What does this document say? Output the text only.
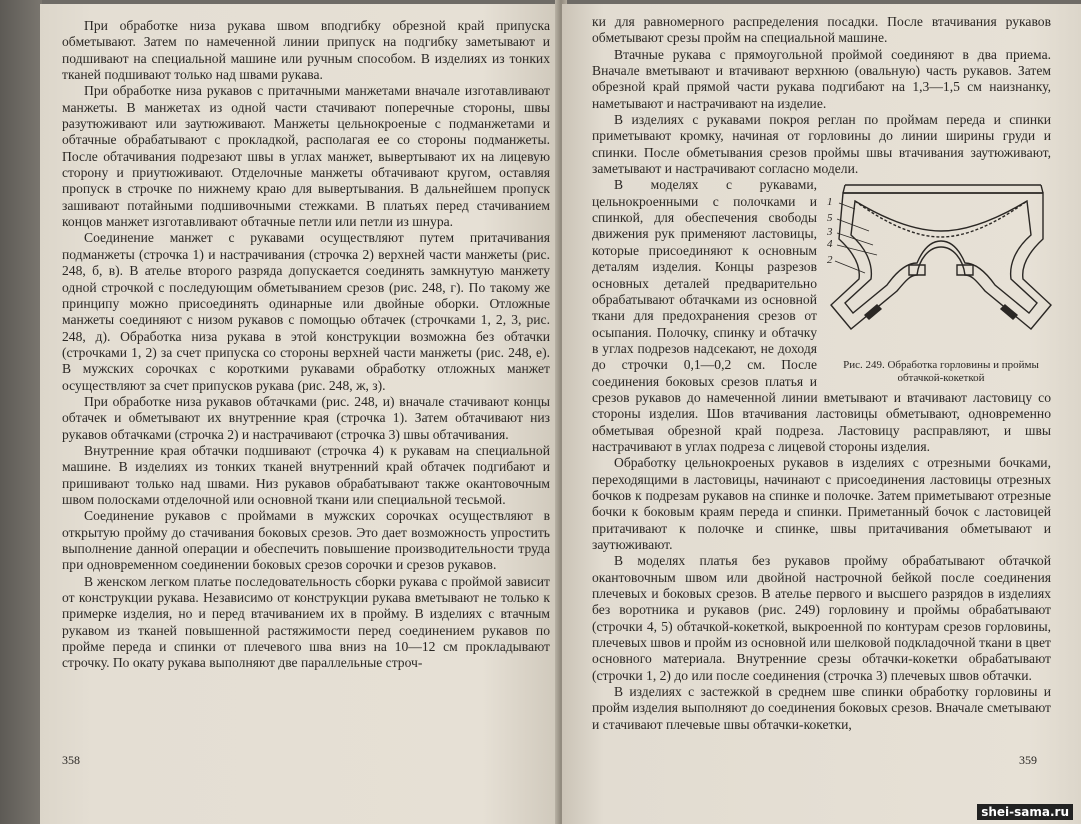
При обработке низа рукава швом вподгибку обрезной край припуска обметывают. Затем по намеченной линии припуск на подгибку заметывают и подшивают на специальной машине или ручным способом. В изделиях из тонких тканей подшивают только над швами рукава.

При обработке низа рукавов с притачными манжетами вначале изготавливают манжеты. В манжетах из одной части стачивают поперечные стороны, швы разутюживают или заутюживают. Манжеты цельнокроеные с подманжетами и обтачные обрабатывают с прокладкой, располагая ее со стороны подманжеты. После обтачивания подрезают швы в углах манжет, вывертывают их на лицевую сторону и приутюживают. Отделочные манжеты обтачивают кругом, оставляя пропуск в строчке по нижнему краю для вывертывания. В дальнейшем пропуск зашивают потайными подшивочными стежками. В платьях перед стачиванием концов манжет изготавливают обтачные петли или петли из шнура.

Соединение манжет с рукавами осуществляют путем притачивания подманжеты (строчка 1) и настрачивания (строчка 2) верхней части манжеты (рис. 248, б, в). В ателье второго разряда допускается соединять замкнутую манжету одной строчкой с последующим обметыванием срезов (рис. 248, г). По такому же принципу можно присоединять одинарные или двойные оборки. Отложные манжеты соединяют с низом рукавов с помощью обтачек (строчками 1, 2, 3, рис. 248, д). Обработка низа рукава в этой конструкции возможна без обтачки (строчками 1, 2) за счет припуска со стороны верхней части манжеты (рис. 248, е). В мужских сорочках с короткими рукавами обработку отложных манжет осуществляют за счет припусков рукава (рис. 248, ж, з).

При обработке низа рукавов обтачками (рис. 248, и) вначале стачивают концы обтачек и обметывают их внутренние края (строчка 1). Затем обтачивают низ рукавов обтачками (строчка 2) и настрачивают (строчка 3) швы обтачивания.

Внутренние края обтачки подшивают (строчка 4) к рукавам на специальной машине. В изделиях из тонких тканей внутренний край обтачек подгибают и пришивают только над швами. Низ рукавов обрабатывают также окантовочным швом полосками отделочной или основной ткани или специальной тесьмой.

Соединение рукавов с проймами в мужских сорочках осуществляют в открытую пройму до стачивания боковых срезов. Это дает возможность упростить выполнение данной операции и обеспечить повышение производительности труда при одновременном соединении боковых срезов сорочки и срезов рукавов.

В женском легком платье последовательность сборки рукава с проймой зависит от конструкции рукава. Независимо от конструкции рукава вметывают не только к примерке изделия, но и перед втачиванием их в пройму. В изделиях с втачным рукавом из тканей повышенной растяжимости перед соединением рукавов по пройме переда и спинки от плечевого шва вниз на 10—12 см прокладывают строчку. По окату рукава выполняют две параллельные строч-

358

ки для равномерного распределения посадки. После втачивания рукавов обметывают срезы пройм на специальной машине.

Втачные рукава с прямоугольной проймой соединяют в два приема. Вначале вметывают и втачивают верхнюю (овальную) часть рукавов. Затем обрезной край прямой части рукава подгибают на 1,3—1,5 см наизнанку, наметывают и настрачивают на изделие.

В изделиях с рукавами покроя реглан по проймам переда и спинки приметывают кромку, начиная от горловины до линии ширины груди и спинки. После обметывания срезов проймы швы втачивания заутюживают, заметывают и настрачивают согласно модели.

1
5
3
4
2
Рис. 249. Обработка горловины и проймы обтачкой-кокеткой

В моделях с рукавами, цельнокроенными с полочками и спинкой, для обеспечения свободы движения рук применяют ластовицы, которые присоединяют к основным деталям изделия. Концы разрезов основных деталей предварительно обрабатывают обтачками из основной ткани для предохранения срезов от осыпания. Полочку, спинку и обтачку в углах подрезов надсекают, не доходя до строчки 0,1—0,2 см. После соединения боковых срезов платья и срезов рукавов до намеченной линии вметывают и втачивают ластовицу со стороны изделия. Шов втачивания ластовицы обметывают, одновременно обметывая обрезной край подреза. Ластовицу расправляют, и швы настрачивают в углах подреза с лицевой стороны изделия.

Обработку цельнокроеных рукавов в изделиях с отрезными бочками, переходящими в ластовицы, начинают с присоединения ластовицы отрезных бочков к подрезам рукавов на спинке и полочке. Затем приметывают отрезные бочки к боковым краям переда и спинки. Приметанный бочок с ластовицей притачивают к полочке и спинке, швы притачивания обметывают и заутюживают.

В моделях платья без рукавов пройму обрабатывают обтачкой окантовочным швом или двойной настрочной бейкой после соединения плечевых и боковых срезов. В ателье первого и высшего разрядов в изделиях без воротника и рукавов (рис. 249) горловину и проймы обрабатывают (строчки 4, 5) обтачкой-кокеткой, выкроенной по контурам срезов горловины, плечевых швов и пройм из основной или шелковой подкладочной ткани в цвет основного материала. Внутренние срезы обтачки-кокетки обрабатывают (строчки 1, 2) до или после соединения (строчка 3) плечевых швов обтачки.

В изделиях с застежкой в среднем шве спинки обработку горловины и пройм изделия выполняют до соединения боковых срезов. Вначале сметывают и стачивают плечевые швы обтачки-кокетки,

359
shei-sama.ru
